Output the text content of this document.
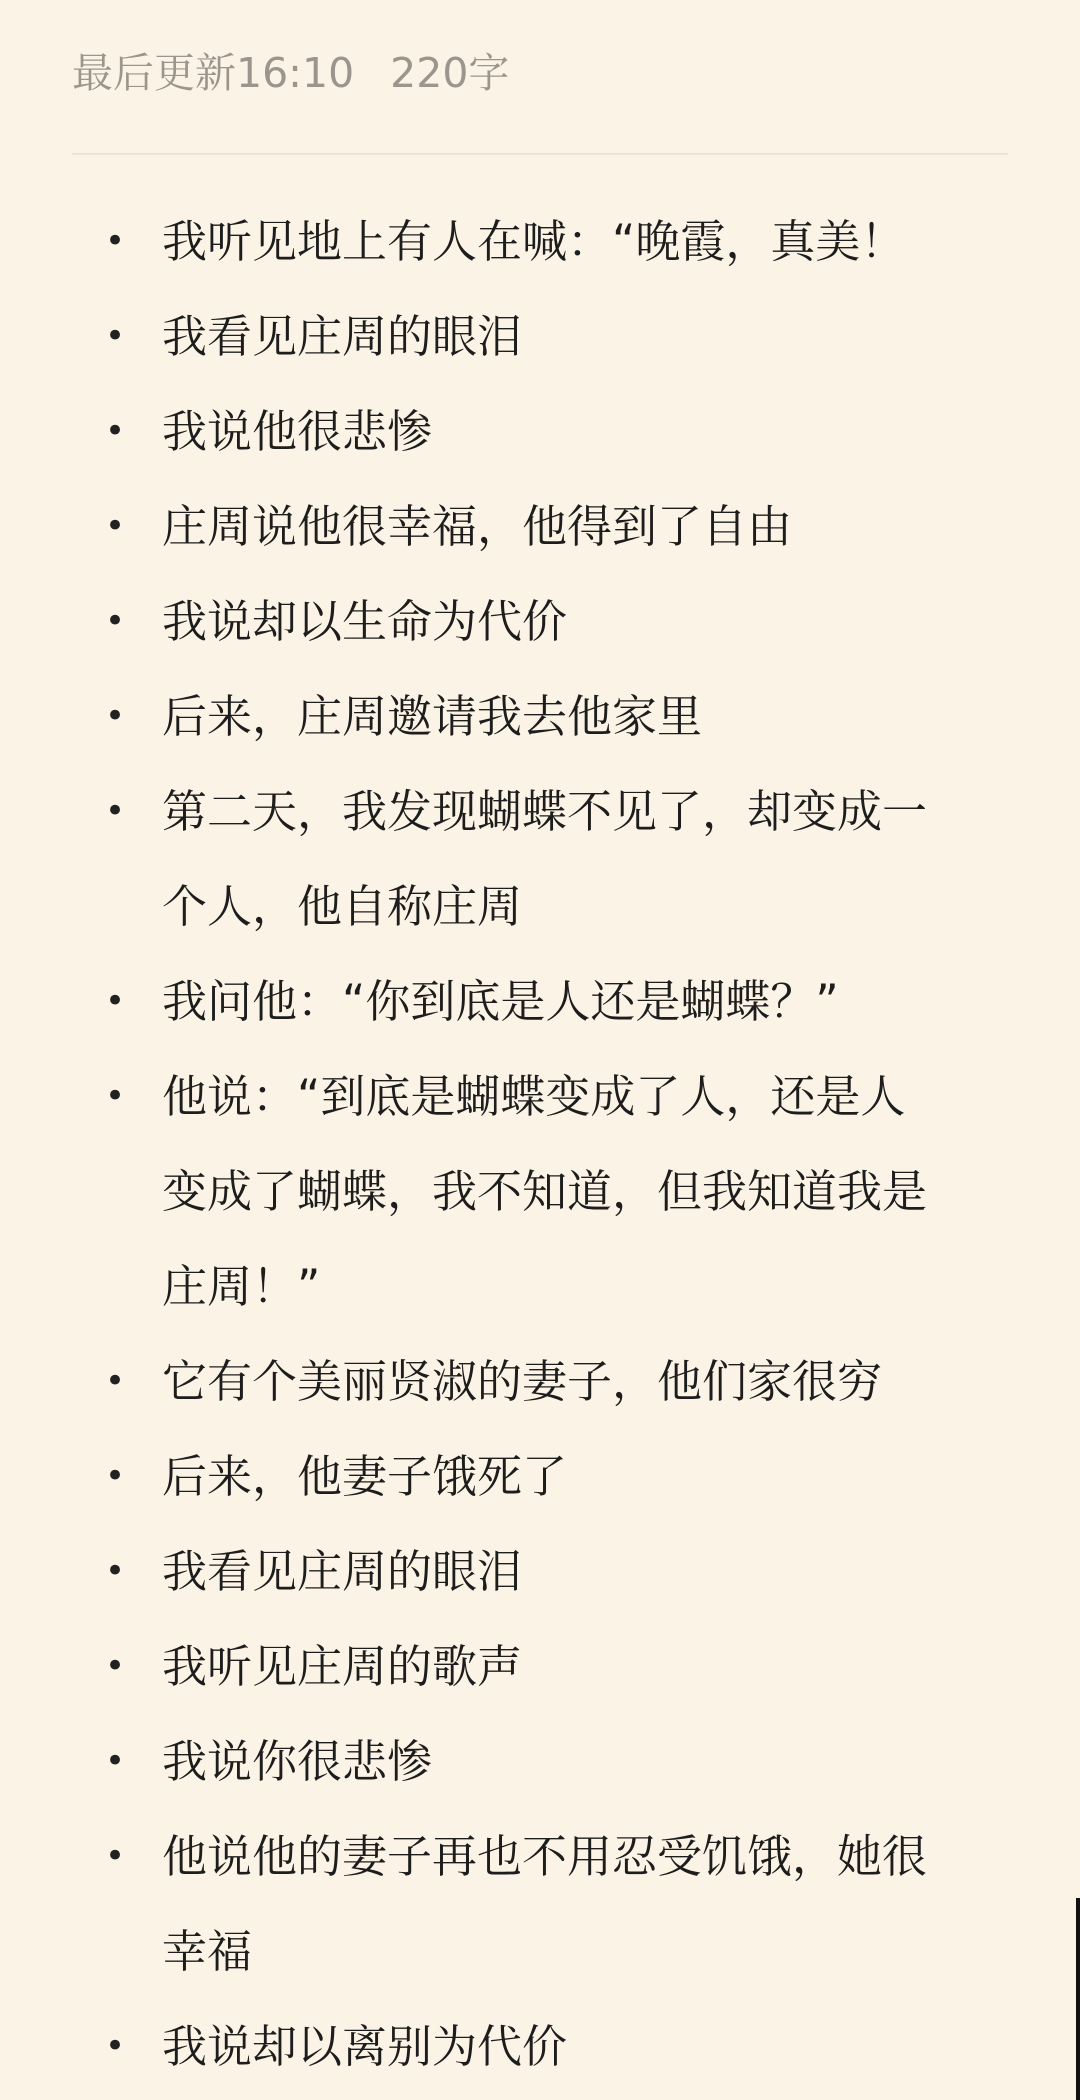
最后更新16:10 220字
• 我听见地上有人在喊：“晚霞，真美！
• 我看见庄周的眼泪
• 我说他很悲惨
• 庄周说他很幸福，他得到了自由
• 我说却以生命为代价
• 后来，庄周邀请我去他家里
• 第二天，我发现蝴蝶不见了，却变成一
个人，他自称庄周
• 我问他：“你到底是人还是蝴蝶？”
• 他说：“到底是蝴蝶变成了人，还是人
变成了蝴蝶，我不知道，但我知道我是
庄周！”
• 它有个美丽贤淑的妻子，他们家很穷
• 后来，他妻子饿死了
• 我看见庄周的眼泪
• 我听见庄周的歌声
• 我说你很悲惨
• 他说他的妻子再也不用忍受饥饿，她很
幸福
• 我说却以离别为代价
